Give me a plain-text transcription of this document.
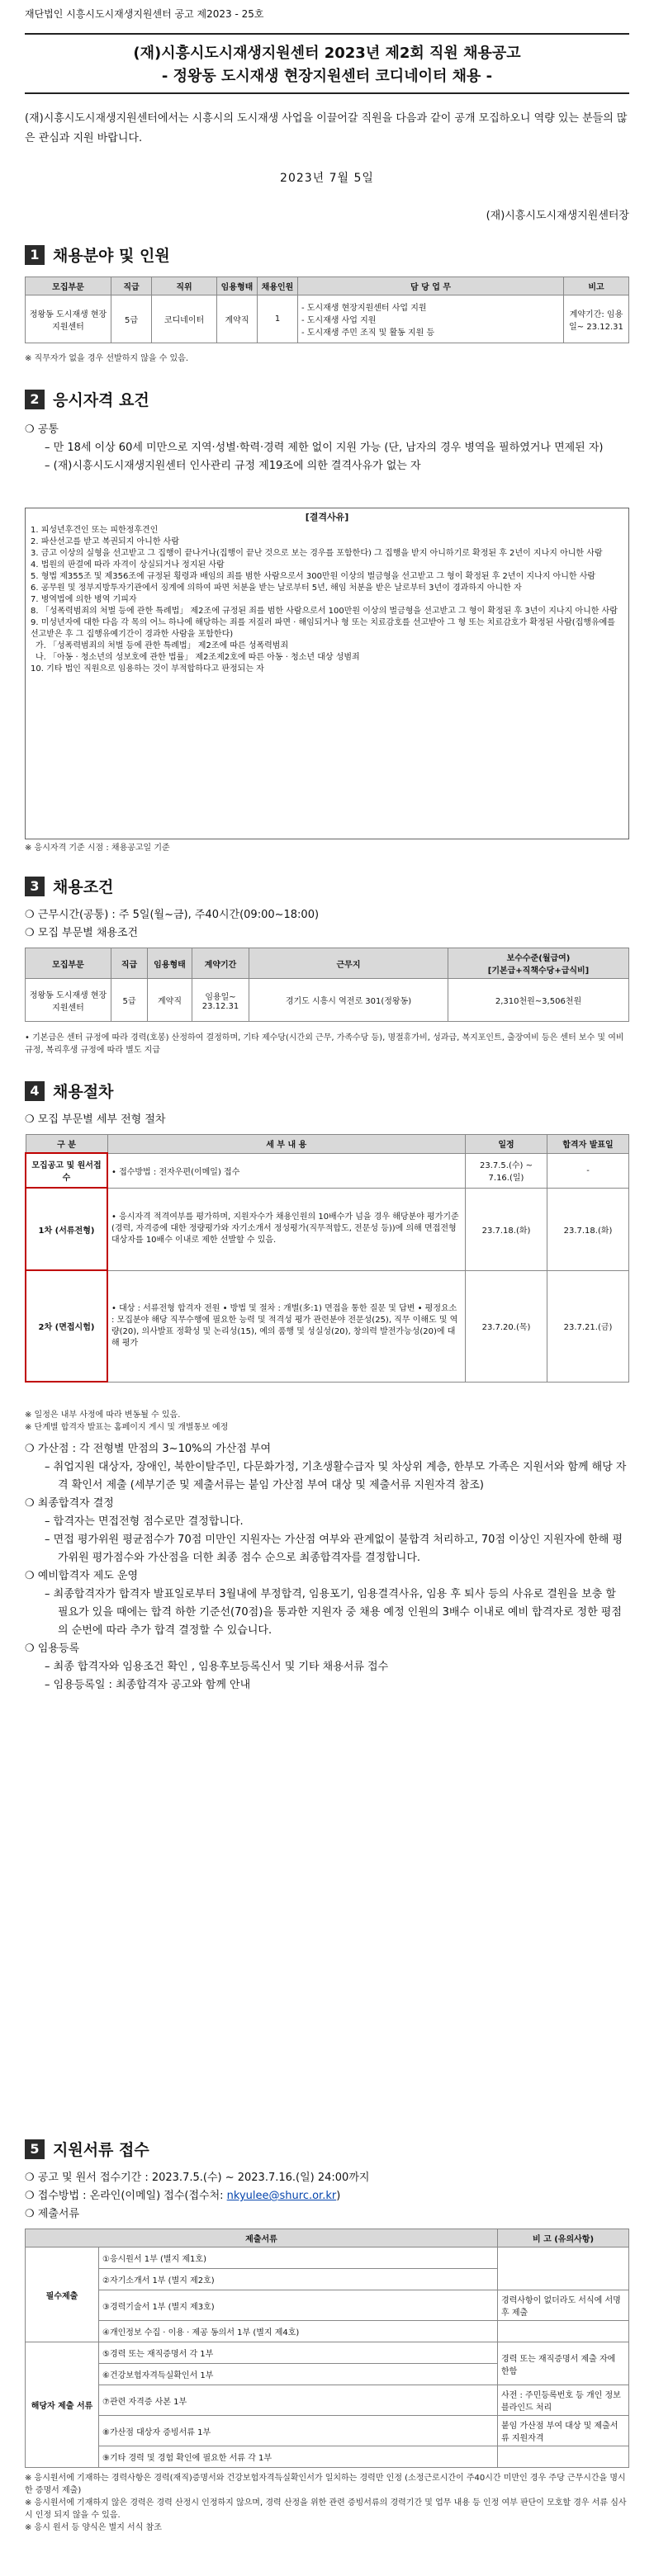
재단법인 시흥시도시재생지원센터 공고 제2023 - 25호
(재)시흥시도시재생지원센터 2023년 제2회 직원 채용공고
- 정왕동 도시재생 현장지원센터 코디네이터 채용 -
(재)시흥시도시재생지원센터에서는 시흥시의 도시재생 사업을 이끌어갈 직원을 다음과 같이 공개 모집하오니 역량 있는 분들의 많은 관심과 지원 바랍니다.
2023년 7월 5일
(재)시흥시도시재생지원센터장
1 채용분야 및 인원
모집부문	직급	직위	임용형태	채용인원	담 당 업 무	비고
정왕동 도시재생 현장지원센터	5급	코디네이터	계약직	1	- 도시재생 현장지원센터 사업 지원
- 도시재생 사업 지원
- 도시재생 주민 조직 및 활동 지원 등	계약기간: 임용일~ 23.12.31
※ 직무자가 없을 경우 선발하지 않을 수 있음.
2 응시자격 요건
❍ 공통
– 만 18세 이상 60세 미만으로 지역·성별·학력·경력 제한 없이 지원 가능 (단, 남자의 경우 병역을 필하였거나 면제된 자)
– (재)시흥시도시재생지원센터 인사관리 규정 제19조에 의한 결격사유가 없는 자
[결격사유]
1. 피성년후견인 또는 피한정후견인
2. 파산선고를 받고 복권되지 아니한 사람
3. 금고 이상의 실형을 선고받고 그 집행이 끝나거나(집행이 끝난 것으로 보는 경우를 포함한다) 그 집행을 받지 아니하기로 확정된 후 2년이 지나지 아니한 사람
4. 법원의 판결에 따라 자격이 상실되거나 정지된 사람
5. 형법 제355조 및 제356조에 규정된 횡령과 배임의 죄를 범한 사람으로서 300만원 이상의 벌금형을 선고받고 그 형이 확정된 후 2년이 지나지 아니한 사람
6. 공무원 및 정부지방투자기관에서 징계에 의하여 파면 처분을 받는 날로부터 5년, 해임 처분을 받은 날로부터 3년이 경과하지 아니한 자
7. 병역법에 의한 병역 기피자
8. 「성폭력범죄의 처벌 등에 관한 특례법」 제2조에 규정된 죄를 범한 사람으로서 100만원 이상의 벌금형을 선고받고 그 형이 확정된 후 3년이 지나지 아니한 사람
9. 미성년자에 대한 다음 각 목의 어느 하나에 해당하는 죄를 저질러 파면 · 해임되거나 형 또는 치료감호를 선고받아 그 형 또는 치료감호가 확정된 사람(집행유예를 선고받은 후 그 집행유예기간이 경과한 사람을 포함한다)
가. 「성폭력범죄의 처벌 등에 관한 특례법」 제2조에 따른 성폭력범죄
나. 「아동 · 청소년의 성보호에 관한 법률」 제2조제2호에 따른 아동 · 청소년 대상 성범죄
10. 기타 법인 직원으로 임용하는 것이 부적합하다고 판정되는 자
※ 응시자격 기준 시점 : 채용공고일 기준
3 채용조건
❍ 근무시간(공통) : 주 5일(월~금), 주40시간(09:00~18:00)
❍ 모집 부문별 채용조건
모집부문	직급	임용형태	계약기간	근무지	보수수준(월급여)
[기본급+직책수당+급식비]

정왕동 도시재생 현장지원센터	5급	계약직	임용일~ 23.12.31	경기도 시흥시 역전로 301(정왕동)	2,310천원~3,506천원
• 기본급은 센터 규정에 따라 경력(호봉) 산정하여 결정하며, 기타 제수당(시간외 근무, 가족수당 등), 명절휴가비, 성과급, 복지포인트, 출장여비 등은 센터 보수 및 여비 규정, 복리후생 규정에 따라 별도 지급
4 채용절차
❍ 모집 부문별 세부 전형 절차
구 분	세 부 내 용	일정	합격자 발표일
모집공고 및 원서접수	• 접수방법 : 전자우편(이메일) 접수	23.7.5.(수) ~ 7.16.(일)	-
1차 (서류전형)	• 응시자격 적격여부를 평가하며, 지원자수가 채용인원의 10배수가 넘을 경우 해당분야 평가기준(경력, 자격증에 대한 정량평가와 자기소개서 정성평가(직무적합도, 전문성 등))에 의해 면접전형 대상자를 10배수 이내로 제한 선발할 수 있음.	23.7.18.(화)	23.7.18.(화)
2차 (면접시험)	• 대상 : 서류전형 합격자 전원 • 방법 및 절차 : 개별(多:1) 면접을 통한 질문 및 답변 • 평정요소 : 모집분야 해당 직무수행에 필요한 능력 및 적격성 평가 관련분야 전문성(25), 직무 이해도 및 역량(20), 의사발표 정확성 및 논리성(15), 예의 품행 및 성실성(20), 창의력 발전가능성(20)에 대해 평가	23.7.20.(목)	23.7.21.(금)
※ 일정은 내부 사정에 따라 변동될 수 있음.
※ 단계별 합격자 발표는 홈페이지 게시 및 개별통보 예정
❍ 가산점 : 각 전형별 만점의 3~10%의 가산점 부여
– 취업지원 대상자, 장애인, 북한이탈주민, 다문화가정, 기초생활수급자 및 차상위 계층, 한부모 가족은 지원서와 함께 해당 자격 확인서 제출 (세부기준 및 제출서류는 붙임 가산점 부여 대상 및 제출서류 지원자격 참조)
❍ 최종합격자 결정
– 합격자는 면접전형 점수로만 결정합니다.
– 면접 평가위원 평균점수가 70점 미만인 지원자는 가산점 여부와 관계없이 불합격 처리하고, 70점 이상인 지원자에 한해 평가위원 평가점수와 가산점을 더한 최종 점수 순으로 최종합격자를 결정합니다.
❍ 예비합격자 제도 운영
– 최종합격자가 합격자 발표일로부터 3월내에 부정합격, 임용포기, 임용결격사유, 임용 후 퇴사 등의 사유로 결원을 보충 할 필요가 있을 때에는 합격 하한 기준선(70점)을 통과한 지원자 중 채용 예정 인원의 3배수 이내로 예비 합격자로 정한 평점의 순번에 따라 추가 합격 결정할 수 있습니다.
❍ 임용등록
– 최종 합격자와 임용조건 확인 , 임용후보등록신서 및 기타 채용서류 접수
– 임용등록일 : 최종합격자 공고와 함께 안내
5 지원서류 접수
❍ 공고 및 원서 접수기간 : 2023.7.5.(수) ~ 2023.7.16.(일) 24:00까지
❍ 접수방법 : 온라인(이메일) 접수(접수처: nkyulee@shurc.or.kr)
❍ 제출서류
제출서류		비 고 (유의사항)
필수제출	①응시원서 1부 (별지 제1호)	
	②자기소개서 1부 (별지 제2호)	
	③경력기술서 1부 (별지 제3호)	경력사항이 없더라도 서식에 서명 후 제출
	④개인정보 수집 · 이용 · 제공 동의서 1부 (별지 제4호)	
해당자 제출 서류	⑤경력 또는 재직증명서 각 1부	경력 또는 재직증명서 제출 자에 한함
	⑥건강보험자격득실확인서 1부	
	⑦관련 자격증 사본 1부	사전 : 주민등록번호 등 개인 정보 블라인드 처리
	⑧가산점 대상자 증빙서류 1부	붙임 가산점 부여 대상 및 제출서류 지원자격
	⑨기타 경력 및 경험 확인에 필요한 서류 각 1부	
※ 응시원서에 기재하는 경력사항은 경력(재직)증명서와 건강보험자격득실확인서가 일치하는 경력만 인정 (소정근로시간이 주40시간 미만인 경우 주당 근무시간을 명시한 증명서 제출)
※ 응시원서에 기재하지 않은 경력은 경력 산정시 인정하지 않으며, 경력 산정을 위한 관련 증빙서류의 경력기간 및 업무 내용 등 인정 여부 판단이 모호할 경우 서류 심사 시 인정 되지 않을 수 있음.
※ 응시 원서 등 양식은 별지 서식 참조
